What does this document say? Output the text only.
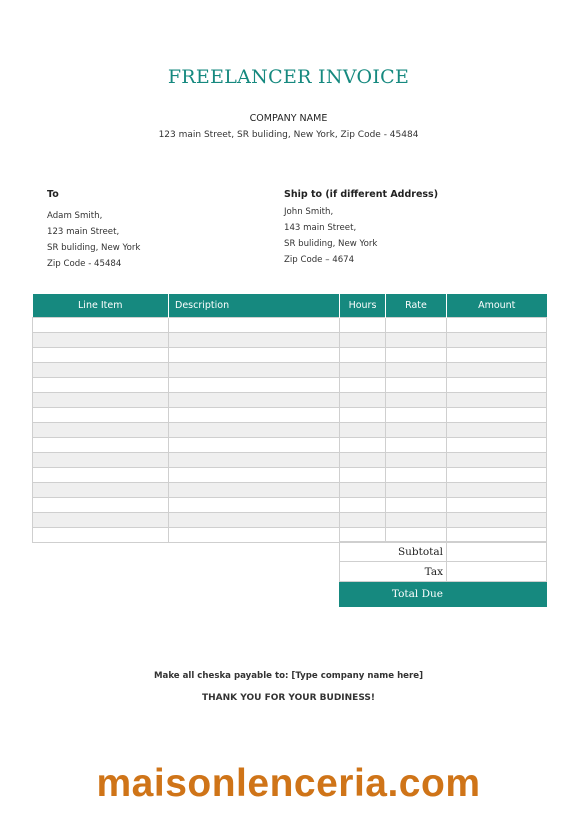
FREELANCER INVOICE
COMPANY NAME
123 main Street, SR buliding, New York, Zip Code - 45484
To
Adam Smith,
123 main Street,
SR buliding, New York
Zip Code - 45484
Ship to (if different Address)
John Smith,
143 main Street,
SR buliding, New York
Zip Code – 4674
Line Item	Description	Hours	Rate	Amount

Subtotal	
Tax	
Total Due	
Make all cheska payable to: [Type company name here]
THANK YOU FOR YOUR BUDINESS!
maisonlenceria.com
